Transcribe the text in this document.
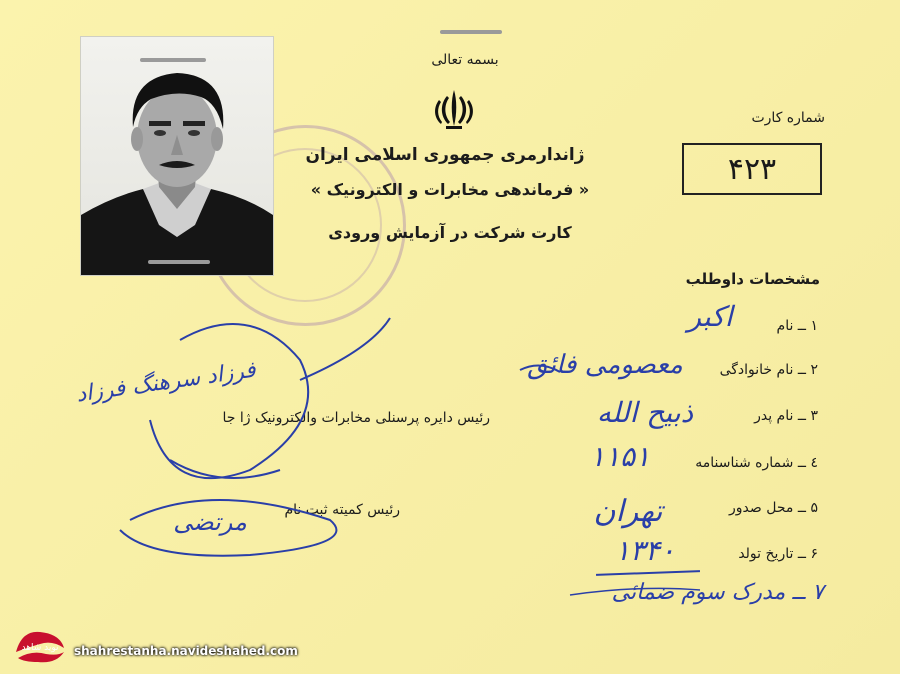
بسمه تعالی
ژاندارمری جمهوری اسلامی ایران
« فرماندهی مخابرات و الکترونیک »
کارت شرکت در آزمایش ورودی
شماره کارت
۴۲۳
مشخصات داوطلب
۱ ــ نام
اکبر
۲ ــ نام خانوادگی
معصومی فائق
۳ ــ نام پدر
ذبیح الله
٤ ــ شماره شناسنامه
۱۱۵۱
۵ ــ محل صدور
تهران
۶ ــ تاریخ تولد
۱۳۴۰
۷ ــ مدرک سوم ضمائی
رئیس دایره پرسنلی مخابرات والکترونیک ژا جا
فرزاد سرهنگ فرزاد
رئیس کمیته ثبت نام
مرتضی
نوید شاهد shahrestanha.navideshahed.com
